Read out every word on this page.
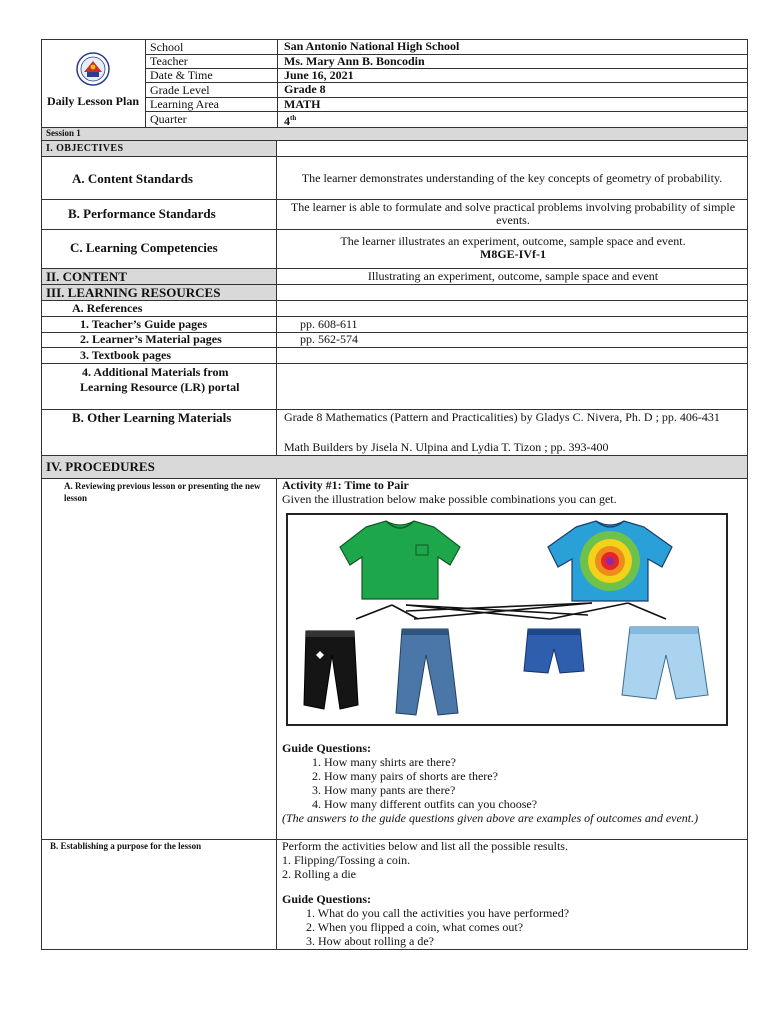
Daily Lesson Plan
School	San Antonio National High School
Teacher	Ms. Mary Ann B. Boncodin
Date & Time	June 16, 2021
Grade Level	Grade 8
Learning Area	MATH
Quarter	4th
Session 1
I. OBJECTIVES
A. Content Standards	The learner demonstrates understanding of the key concepts of geometry of probability.
B. Performance Standards	The learner is able to formulate and solve practical problems involving probability of simple events.
C. Learning Competencies	The learner illustrates an experiment, outcome, sample space and event.
M8GE-IVf-1
II. CONTENT	Illustrating an experiment, outcome, sample space and event
III. LEARNING RESOURCES
A. References
1. Teacher’s Guide pages	pp. 608-611
2. Learner’s Material pages	pp. 562-574
3. Textbook pages
4. Additional Materials from Learning Resource (LR) portal
B. Other Learning Materials	Grade 8 Mathematics (Pattern and Practicalities) by Gladys C. Nivera, Ph. D ; pp. 406-431
Math Builders by Jisela N. Ulpina and Lydia T. Tizon ; pp. 393-400
IV. PROCEDURES
A. Reviewing previous lesson or presenting the new lesson
Activity #1: Time to Pair
Given the illustration below make possible combinations you can get.
Guide Questions:
1. How many shirts are there?
2. How many pairs of shorts are there?
3. How many pants are there?
4. How many different outfits can you choose?
(The answers to the guide questions given above are examples of outcomes and event.)
B. Establishing a purpose for the lesson	Perform the activities below and list all the possible results.
1. Flipping/Tossing a coin.
2. Rolling a die
Guide Questions:
1. What do you call the activities you have performed?
2. When you flipped a coin, what comes out?
3. How about rolling a de?
